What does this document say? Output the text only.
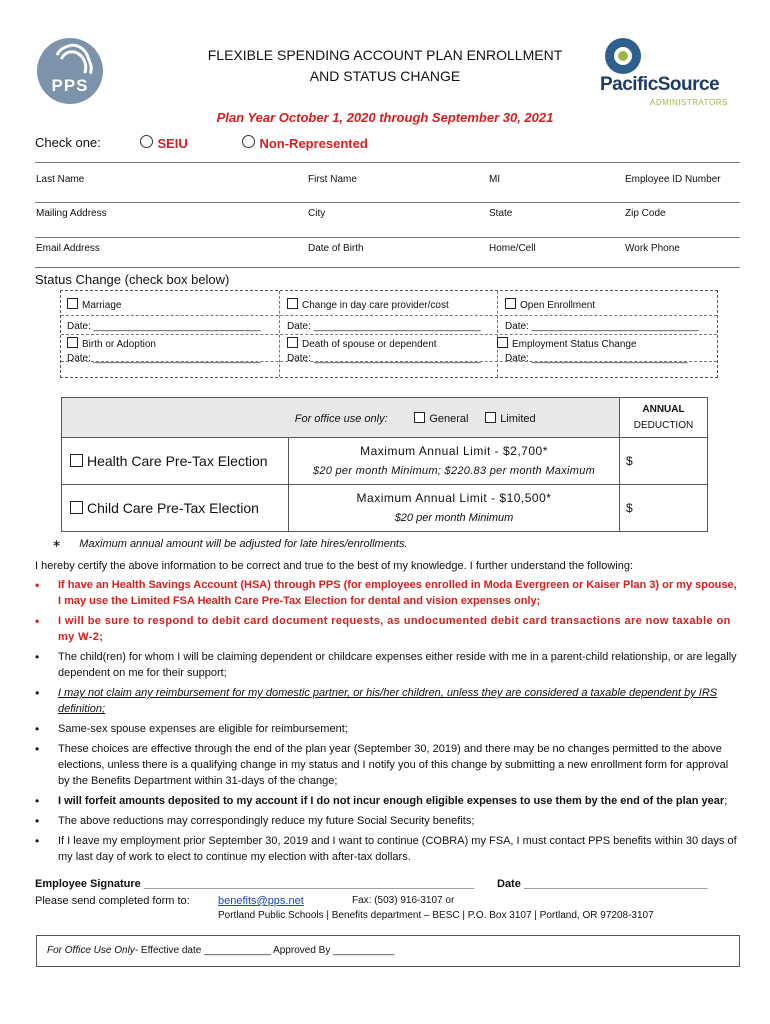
PPS
FLEXIBLE SPENDING ACCOUNT PLAN ENROLLMENT
AND STATUS CHANGE	PacificSource
ADMINISTRATORS
Plan Year October 1, 2020 through September 30, 2021
Check one:	SEIU	Non-Represented
Last Name	First Name	MI	Employee ID Number
Mailing Address	City	State	Zip Code
Email Address	Date of Birth	Home/Cell	Work Phone
Status Change (check box below)
Marriage	Change in day care provider/cost	Open Enrollment
Date: ______________________________	Date: ______________________________ Date: ______________________________
Birth or Adoption	Death of spouse or dependent	Employment Status Change
Date: ______________________________	Date: ______________________________ Date: ____________________________
For office use only: General Limited		ANNUAL
DEDUCTION

Health Care Pre-Tax Election	Maximum Annual Limit - $2,700*
$20 per month Minimum; $220.83 per month Maximum	$
Child Care Pre-Tax Election	Maximum Annual Limit - $10,500*
$20 per month Minimum	$
∗ Maximum annual amount will be adjusted for late hires/enrollments.
I hereby certify the above information to be correct and true to the best of my knowledge. I further understand the following:
• If have an Health Savings Account (HSA) through PPS (for employees enrolled in Moda Evergreen or Kaiser Plan 3) or my spouse, I may use the Limited FSA Health Care Pre-Tax Election for dental and vision expenses only;
• I will be sure to respond to debit card document requests, as undocumented debit card transactions are now taxable on my W-2;
• The child(ren) for whom I will be claiming dependent or childcare expenses either reside with me in a parent-child relationship, or are legally dependent on me for their support;
• I may not claim any reimbursement for my domestic partner, or his/her children, unless they are considered a taxable dependent by IRS definition;
• Same-sex spouse expenses are eligible for reimbursement;
• These choices are effective through the end of the plan year (September 30, 2019) and there may be no changes permitted to the above elections, unless there is a qualifying change in my status and I notify you of this change by submitting a new enrollment form for approval by the Benefits Department within 31-days of the change;
• I will forfeit amounts deposited to my account if I do not incur enough eligible expenses to use them by the end of the plan year;
• The above reductions may correspondingly reduce my future Social Security benefits;
• If I leave my employment prior September 30, 2019 and I want to continue (COBRA) my FSA, I must contact PPS benefits within 30 days of my last day of work to elect to continue my election with after-tax dollars.
Employee Signature ______________________________________________________ Date ______________________________
Please send completed form to:	benefits@pps.net	Fax: (503) 916-3107 or
Portland Public Schools | Benefits department – BESC | P.O. Box 3107 | Portland, OR 97208-3107
For Office Use Only- Effective date ____________ Approved By ___________
